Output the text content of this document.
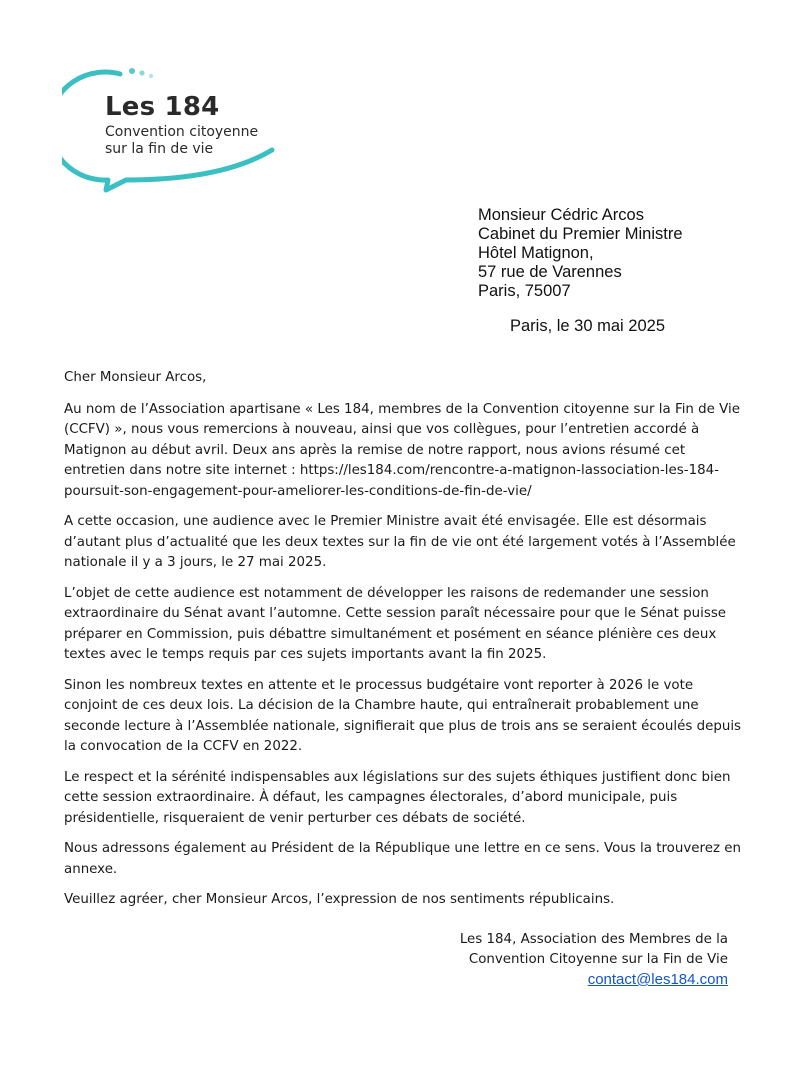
Les 184
Convention citoyenne
sur la fin de vie
Monsieur Cédric Arcos
Cabinet du Premier Ministre
Hôtel Matignon,
57 rue de Varennes
Paris, 75007
Paris, le 30 mai 2025

Cher Monsieur Arcos,

Au nom de l’Association apartisane « Les 184, membres de la Convention citoyenne sur la Fin de Vie (CCFV) », nous vous remercions à nouveau, ainsi que vos collègues, pour l’entretien accordé à Matignon au début avril. Deux ans après la remise de notre rapport, nous avions résumé cet entretien dans notre site internet : https://les184.com/rencontre-a-matignon-lassociation-les-184-poursuit-son-engagement-pour-ameliorer-les-conditions-de-fin-de-vie/

A cette occasion, une audience avec le Premier Ministre avait été envisagée. Elle est désormais d’autant plus d’actualité que les deux textes sur la fin de vie ont été largement votés à l’Assemblée nationale il y a 3 jours, le 27 mai 2025.

L’objet de cette audience est notamment de développer les raisons de redemander une session extraordinaire du Sénat avant l’automne. Cette session paraît nécessaire pour que le Sénat puisse préparer en Commission, puis débattre simultanément et posément en séance plénière ces deux textes avec le temps requis par ces sujets importants avant la fin 2025.

Sinon les nombreux textes en attente et le processus budgétaire vont reporter à 2026 le vote conjoint de ces deux lois. La décision de la Chambre haute, qui entraînerait probablement une seconde lecture à l’Assemblée nationale, signifierait que plus de trois ans se seraient écoulés depuis la convocation de la CCFV en 2022.

Le respect et la sérénité indispensables aux législations sur des sujets éthiques justifient donc bien cette session extraordinaire. À défaut, les campagnes électorales, d’abord municipale, puis présidentielle, risqueraient de venir perturber ces débats de société.

Nous adressons également au Président de la République une lettre en ce sens. Vous la trouverez en annexe.

Veuillez agréer, cher Monsieur Arcos, l’expression de nos sentiments républicains.

Les 184, Association des Membres de la
Convention Citoyenne sur la Fin de Vie
contact@les184.com
